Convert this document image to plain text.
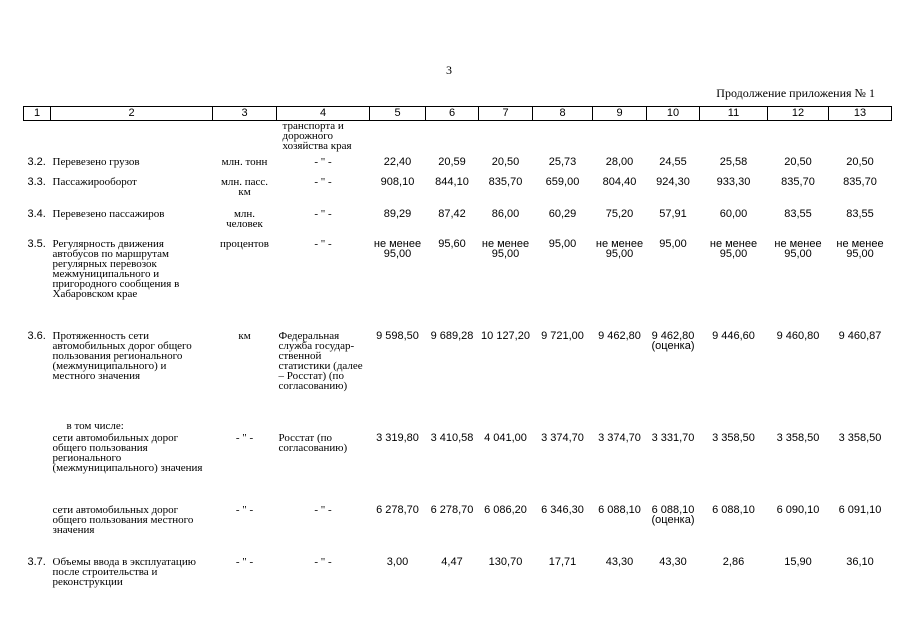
3
Продолжение приложения № 1
1	2	3	4	5	6	7	8	9	10	11	12	13
			транспорта и дорожного хозяйства края									
3.2.	Перевезено грузов	млн. тонн	- " -	22,40	20,59	20,50	25,73	28,00	24,55	25,58	20,50	20,50
3.3.	Пассажирооборот	млн. пасс. км	- " -	908,10	844,10	835,70	659,00	804,40	924,30	933,30	835,70	835,70
3.4.	Перевезено пассажиров	млн. человек	- " -	89,29	87,42	86,00	60,29	75,20	57,91	60,00	83,55	83,55
3.5.	Регулярность движения автобусов по маршрутам регулярных перевозок межмуниципального и пригородного сообщения в Хабаровском крае	процентов	- " -	не менее 95,00	95,60	не менее 95,00	95,00	не менее 95,00	95,00	не менее 95,00	не менее 95,00	не менее 95,00
3.6.	Протяженность сети автомобильных дорог общего пользования регионального (межмуниципального) и местного значения	км	Федеральная служба государ-ственной статистики (далее – Росстат) (по согласованию)	9 598,50	9 689,28	10 127,20	9 721,00	9 462,80	9 462,80 (оценка)	9 446,60	9 460,80	9 460,87
	в том числе:											
	сети автомобильных дорог общего пользования регионального (межмуниципального) значения	- " -	Росстат (по согласованию)	3 319,80	3 410,58	4 041,00	3 374,70	3 374,70	3 331,70	3 358,50	3 358,50	3 358,50
	сети автомобильных дорог общего пользования местного значения	- " -	- " -	6 278,70	6 278,70	6 086,20	6 346,30	6 088,10	6 088,10 (оценка)	6 088,10	6 090,10	6 091,10
3.7.	Объемы ввода в эксплуатацию после строительства и реконструкции	- " -	- " -	3,00	4,47	130,70	17,71	43,30	43,30	2,86	15,90	36,10
